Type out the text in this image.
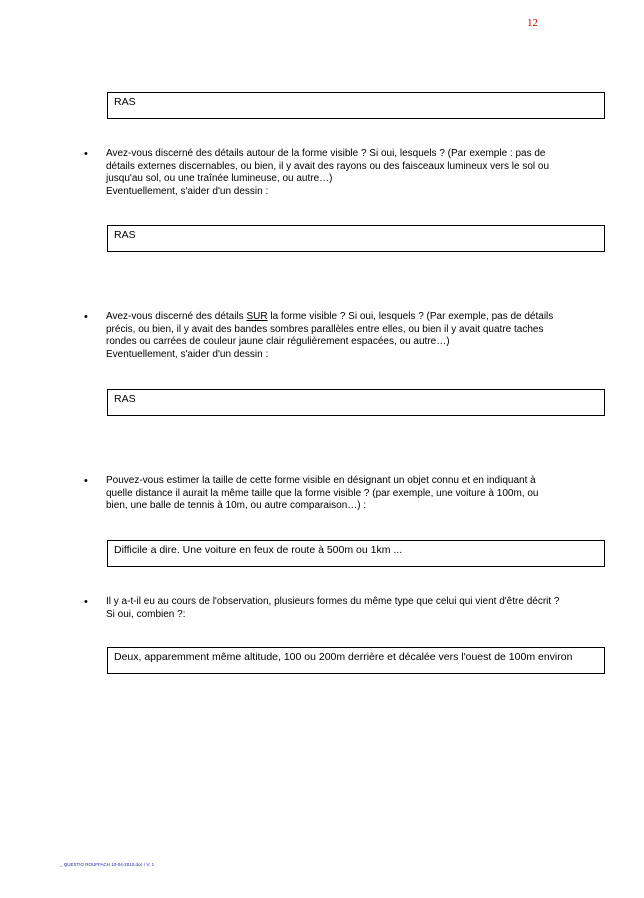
12
RAS
• Avez-vous discerné des détails autour de la forme visible ? Si oui, lesquels ? (Par exemple : pas de
détails externes discernables, ou bien, il y avait des rayons ou des faisceaux lumineux vers le sol ou
jusqu'au sol, ou une traînée lumineuse, ou autre…)
Eventuellement, s'aider d'un dessin :
RAS
• Avez-vous discerné des détails SUR la forme visible ? Si oui, lesquels ? (Par exemple, pas de détails
précis, ou bien, il y avait des bandes sombres parallèles entre elles, ou bien il y avait quatre taches
rondes ou carrées de couleur jaune clair régulièrement espacées, ou autre…)
Eventuellement, s'aider d'un dessin :
RAS
• Pouvez-vous estimer la taille de cette forme visible en désignant un objet connu et en indiquant à
quelle distance il aurait la même taille que la forme visible ? (par exemple, une voiture à 100m, ou
bien, une balle de tennis à 10m, ou autre comparaison…) :
Difficile a dire. Une voiture en feux de route à 500m ou 1km ...
• Il y a-t-il eu au cours de l'observation, plusieurs formes du même type que celui qui vient d'être décrit ?
Si oui, combien ?:
Deux, apparemment même altitude, 100 ou 200m derrière et décalée vers l'ouest de 100m environ
_ QUESTIO ROUFFACH 10-04-2010.doc / V. 1
